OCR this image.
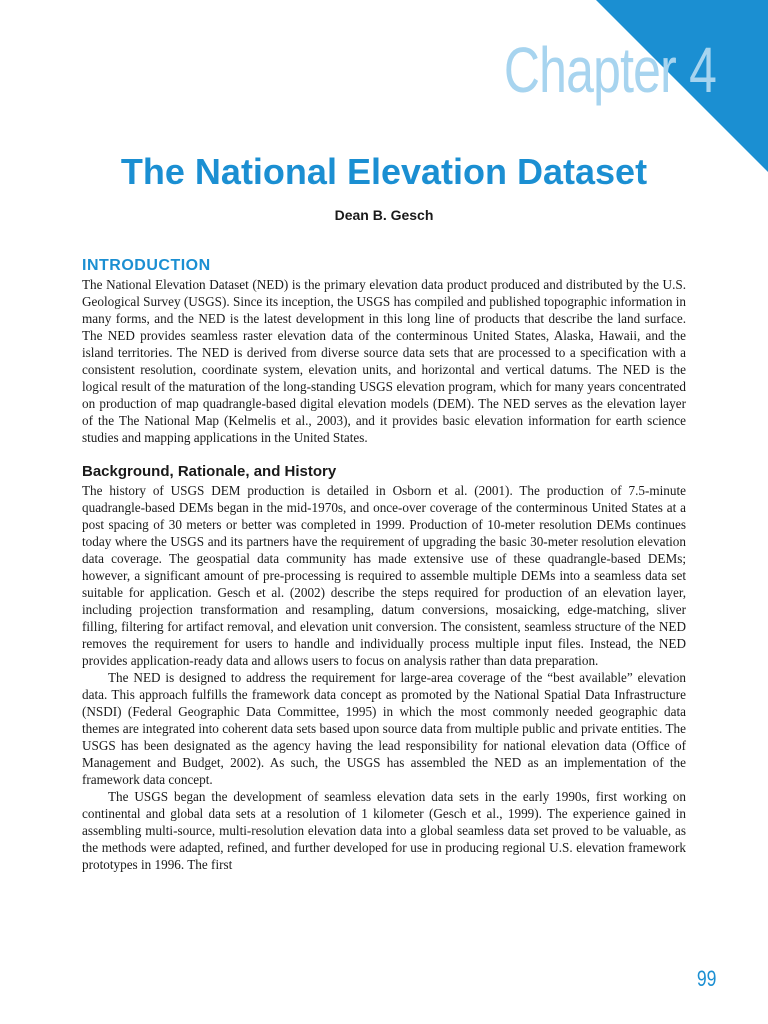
Chapter 4
The National Elevation Dataset
Dean B. Gesch
INTRODUCTION

The National Elevation Dataset (NED) is the primary elevation data product produced and distributed by the U.S. Geological Survey (USGS). Since its inception, the USGS has compiled and published topographic information in many forms, and the NED is the latest development in this long line of products that describe the land surface. The NED provides seamless raster elevation data of the conterminous United States, Alaska, Hawaii, and the island territories. The NED is derived from diverse source data sets that are processed to a specification with a consistent resolution, coordinate system, elevation units, and horizontal and vertical datums. The NED is the logical result of the maturation of the long-standing USGS elevation program, which for many years concentrated on production of map quadrangle-based digital elevation models (DEM). The NED serves as the elevation layer of the The National Map (Kelmelis et al., 2003), and it provides basic elevation information for earth science studies and mapping applications in the United States.

Background, Rationale, and History

The history of USGS DEM production is detailed in Osborn et al. (2001). The production of 7.5-minute quadrangle-based DEMs began in the mid-1970s, and once-over coverage of the conterminous United States at a post spacing of 30 meters or better was completed in 1999. Production of 10-meter resolution DEMs continues today where the USGS and its partners have the requirement of upgrading the basic 30-meter resolution elevation data coverage. The geospatial data community has made extensive use of these quadrangle-based DEMs; however, a significant amount of pre-processing is required to assemble multiple DEMs into a seamless data set suitable for application. Gesch et al. (2002) describe the steps required for production of an elevation layer, including projection transformation and resampling, datum conversions, mosaicking, edge-matching, sliver filling, filtering for artifact removal, and elevation unit conversion. The consistent, seamless structure of the NED removes the requirement for users to handle and individually process multiple input files. Instead, the NED provides application-ready data and allows users to focus on analysis rather than data preparation.

The NED is designed to address the requirement for large-area coverage of the “best available” elevation data. This approach fulfills the framework data concept as promoted by the National Spatial Data Infrastructure (NSDI) (Federal Geographic Data Committee, 1995) in which the most commonly needed geographic data themes are integrated into coherent data sets based upon source data from multiple public and private entities. The USGS has been designated as the agency having the lead responsibility for national elevation data (Office of Management and Budget, 2002). As such, the USGS has assembled the NED as an implementation of the framework data concept.

The USGS began the development of seamless elevation data sets in the early 1990s, first working on continental and global data sets at a resolution of 1 kilometer (Gesch et al., 1999). The experience gained in assembling multi-source, multi-resolution elevation data into a global seamless data set proved to be valuable, as the methods were adapted, refined, and further developed for use in producing regional U.S. elevation framework prototypes in 1996. The first

99
